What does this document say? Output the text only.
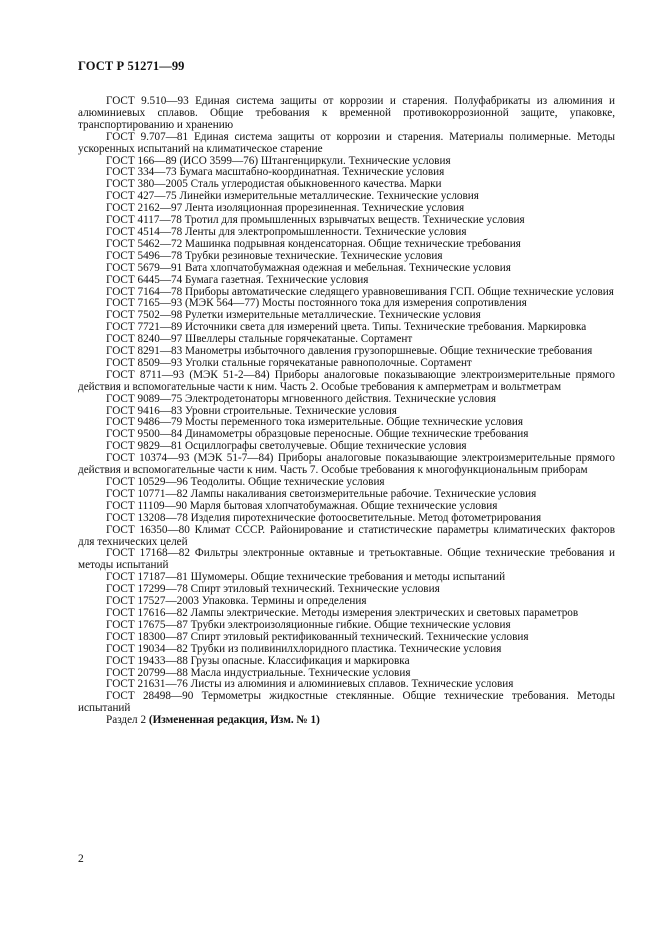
ГОСТ Р 51271—99

ГОСТ 9.510—93 Единая система защиты от коррозии и старения. Полуфабрикаты из алюминия и алюминиевых сплавов. Общие требования к временной противокоррозионной защите, упаковке, транспортированию и хранению

ГОСТ 9.707—81 Единая система защиты от коррозии и старения. Материалы полимерные. Методы ускоренных испытаний на климатическое старение

ГОСТ 166—89 (ИСО 3599—76) Штангенциркули. Технические условия

ГОСТ 334—73 Бумага масштабно-координатная. Технические условия

ГОСТ 380—2005 Сталь углеродистая обыкновенного качества. Марки

ГОСТ 427—75 Линейки измерительные металлические. Технические условия

ГОСТ 2162—97 Лента изоляционная прорезиненная. Технические условия

ГОСТ 4117—78 Тротил для промышленных взрывчатых веществ. Технические условия

ГОСТ 4514—78 Ленты для электропромышленности. Технические условия

ГОСТ 5462—72 Машинка подрывная конденсаторная. Общие технические требования

ГОСТ 5496—78 Трубки резиновые технические. Технические условия

ГОСТ 5679—91 Вата хлопчатобумажная одежная и мебельная. Технические условия

ГОСТ 6445—74 Бумага газетная. Технические условия

ГОСТ 7164—78 Приборы автоматические следящего уравновешивания ГСП. Общие технические условия

ГОСТ 7165—93 (МЭК 564—77) Мосты постоянного тока для измерения сопротивления

ГОСТ 7502—98 Рулетки измерительные металлические. Технические условия

ГОСТ 7721—89 Источники света для измерений цвета. Типы. Технические требования. Маркировка

ГОСТ 8240—97 Швеллеры стальные горячекатаные. Сортамент

ГОСТ 8291—83 Манометры избыточного давления грузопоршневые. Общие технические требования

ГОСТ 8509—93 Уголки стальные горячекатаные равнополочные. Сортамент

ГОСТ 8711—93 (МЭК 51-2—84) Приборы аналоговые показывающие электроизмерительные прямого действия и вспомогательные части к ним. Часть 2. Особые требования к амперметрам и вольтметрам

ГОСТ 9089—75 Электродетонаторы мгновенного действия. Технические условия

ГОСТ 9416—83 Уровни строительные. Технические условия

ГОСТ 9486—79 Мосты переменного тока измерительные. Общие технические условия

ГОСТ 9500—84 Динамометры образцовые переносные. Общие технические требования

ГОСТ 9829—81 Осциллографы светолучевые. Общие технические условия

ГОСТ 10374—93 (МЭК 51-7—84) Приборы аналоговые показывающие электроизмерительные прямого действия и вспомогательные части к ним. Часть 7. Особые требования к многофункциональным приборам

ГОСТ 10529—96 Теодолиты. Общие технические условия

ГОСТ 10771—82 Лампы накаливания светоизмерительные рабочие. Технические условия

ГОСТ 11109—90 Марля бытовая хлопчатобумажная. Общие технические условия

ГОСТ 13208—78 Изделия пиротехнические фотоосветительные. Метод фотометрирования

ГОСТ 16350—80 Климат СССР. Районирование и статистические параметры климатических факторов для технических целей

ГОСТ 17168—82 Фильтры электронные октавные и третьоктавные. Общие технические требования и методы испытаний

ГОСТ 17187—81 Шумомеры. Общие технические требования и методы испытаний

ГОСТ 17299—78 Спирт этиловый технический. Технические условия

ГОСТ 17527—2003 Упаковка. Термины и определения

ГОСТ 17616—82 Лампы электрические. Методы измерения электрических и световых параметров

ГОСТ 17675—87 Трубки электроизоляционные гибкие. Общие технические условия

ГОСТ 18300—87 Спирт этиловый ректификованный технический. Технические условия

ГОСТ 19034—82 Трубки из поливинилхлоридного пластика. Технические условия

ГОСТ 19433—88 Грузы опасные. Классификация и маркировка

ГОСТ 20799—88 Масла индустриальные. Технические условия

ГОСТ 21631—76 Листы из алюминия и алюминиевых сплавов. Технические условия

ГОСТ 28498—90 Термометры жидкостные стеклянные. Общие технические требования. Методы испытаний

Раздел 2 (Измененная редакция, Изм. № 1)

2
